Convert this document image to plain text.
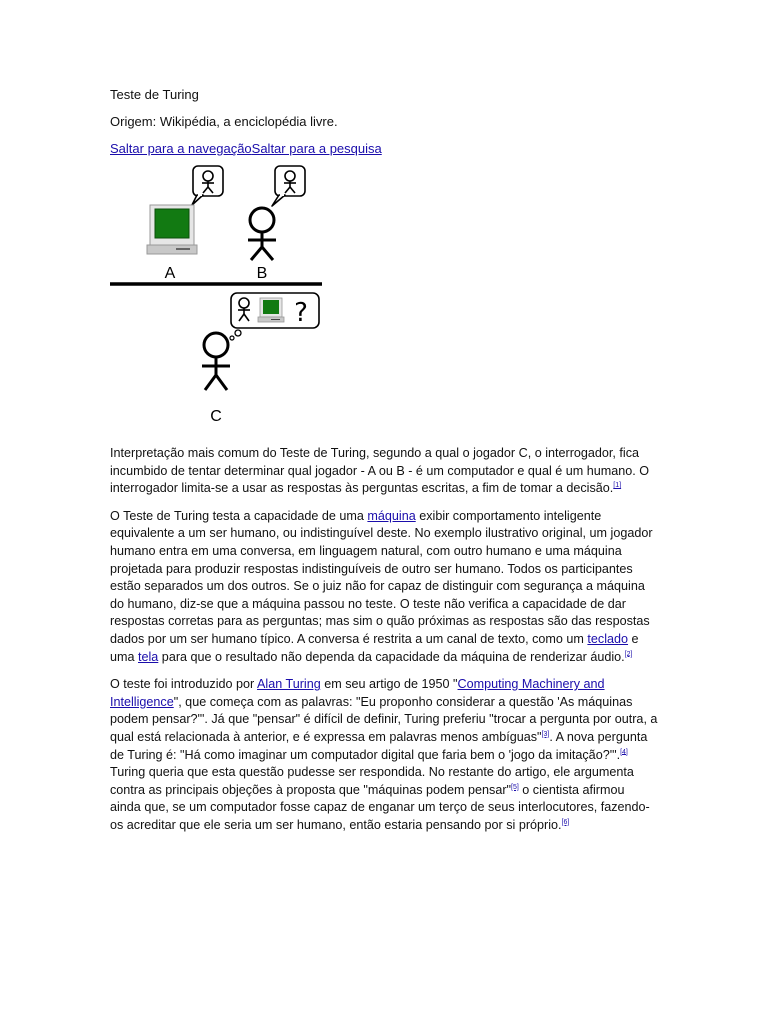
Teste de Turing
Origem: Wikipédia, a enciclopédia livre.
Saltar para a navegaçãoSaltar para a pesquisa
A	B
?
C

Interpretação mais comum do Teste de Turing, segundo a qual o jogador C, o interrogador, fica incumbido de tentar determinar qual jogador - A ou B - é um computador e qual é um humano. O interrogador limita-se a usar as respostas às perguntas escritas, a fim de tomar a decisão.[1]

O Teste de Turing testa a capacidade de uma máquina exibir comportamento inteligente equivalente a um ser humano, ou indistinguível deste. No exemplo ilustrativo original, um jogador humano entra em uma conversa, em linguagem natural, com outro humano e uma máquina projetada para produzir respostas indistinguíveis de outro ser humano. Todos os participantes estão separados um dos outros. Se o juiz não for capaz de distinguir com segurança a máquina do humano, diz-se que a máquina passou no teste. O teste não verifica a capacidade de dar respostas corretas para as perguntas; mas sim o quão próximas as respostas são das respostas dados por um ser humano típico. A conversa é restrita a um canal de texto, como um teclado e uma tela para que o resultado não dependa da capacidade da máquina de renderizar áudio.[2]

O teste foi introduzido por Alan Turing em seu artigo de 1950 "Computing Machinery and Intelligence", que começa com as palavras: "Eu proponho considerar a questão 'As máquinas podem pensar?'". Já que "pensar" é difícil de definir, Turing preferiu "trocar a pergunta por outra, a qual está relacionada à anterior, e é expressa em palavras menos ambíguas"[3]. A nova pergunta de Turing é: "Há como imaginar um computador digital que faria bem o 'jogo da imitação?'".[4] Turing queria que esta questão pudesse ser respondida. No restante do artigo, ele argumenta contra as principais objeções à proposta que "máquinas podem pensar"[5] o cientista afirmou ainda que, se um computador fosse capaz de enganar um terço de seus interlocutores, fazendo-os acreditar que ele seria um ser humano, então estaria pensando por si próprio.[6]
